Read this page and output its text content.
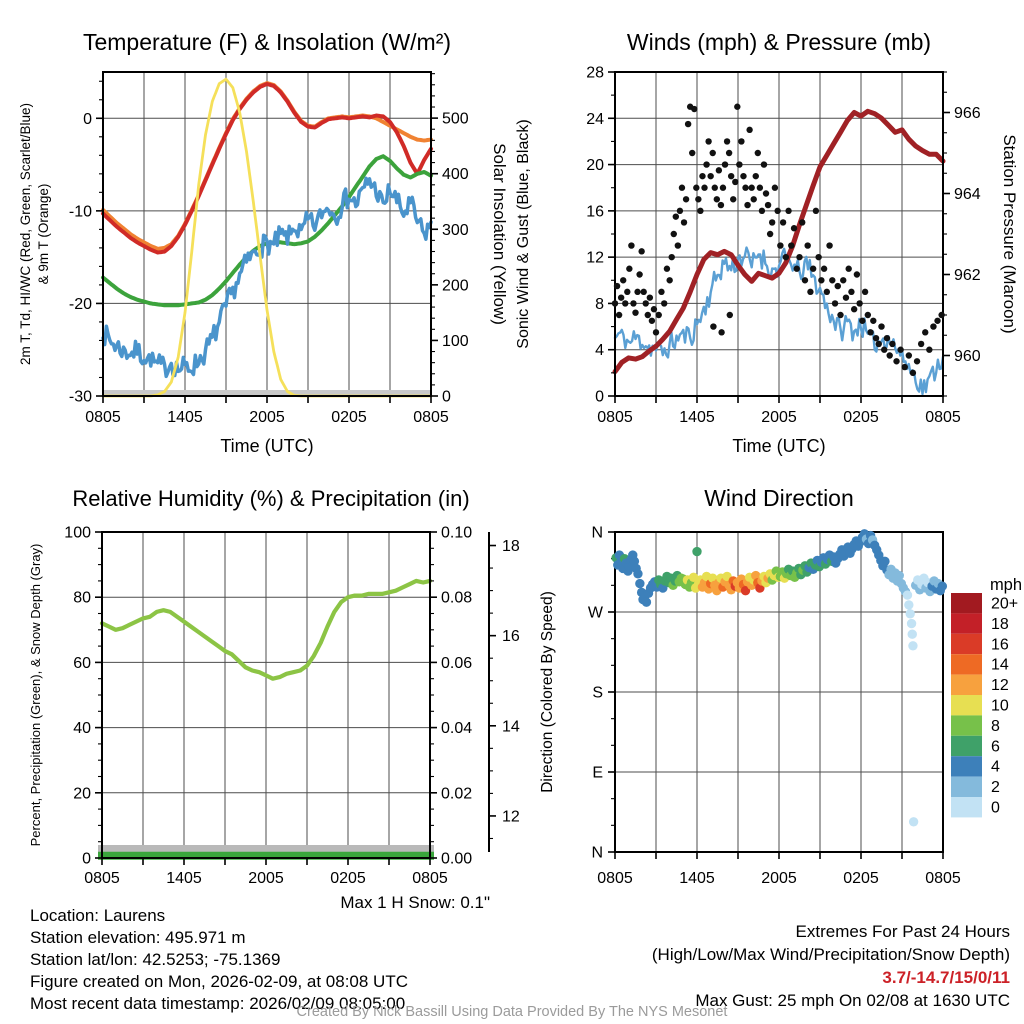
0805	1405	2005	0205	0805
Time (UTC)
0
-10
-20
-30	0
100
200
300
400
500
Temperature (F) & Insolation (W/m²)
2m T, Td, HI/WC (Red, Green, Scarlet/Blue) & 9m T (Orange)	Solar Insolation (Yellow)
0805	1405	2005	0205	0805
Time (UTC)
0
4
8
12
16
20
24
28
960
962
964
966
Winds (mph) & Pressure (mb)
Sonic Wind & Gust (Blue, Black)	Station Pressure (Maroon)
0805	1405	2005	0205	0805
0
20
40
60
80
100
0.00
0.02
0.04
0.06
0.08
0.10
Relative Humidity (%) & Precipitation (in)
Percent, Precipitation (Green), & Snow Depth (Gray)	12
14
16
18
0805	1405	2005	0205	0805
N
W
S
E
N
Wind Direction
Direction (Colored By Speed)
mph
20+
18
16
14
12
10
8
6
4
2
0
Location: Laurens
Station elevation: 495.971 m
Station lat/lon: 42.5253; -75.1369
Figure created on Mon, 2026-02-09, at 08:08 UTC
Most recent data timestamp: 2026/02/09 08:05:00
Max 1 H Snow: 0.1"
Extremes For Past 24 Hours
(High/Low/Max Wind/Precipitation/Snow Depth)
3.7/-14.7/15/0/11
Max Gust: 25 mph On 02/08 at 1630 UTC
Created By Nick Bassill Using Data Provided By The NYS Mesonet
